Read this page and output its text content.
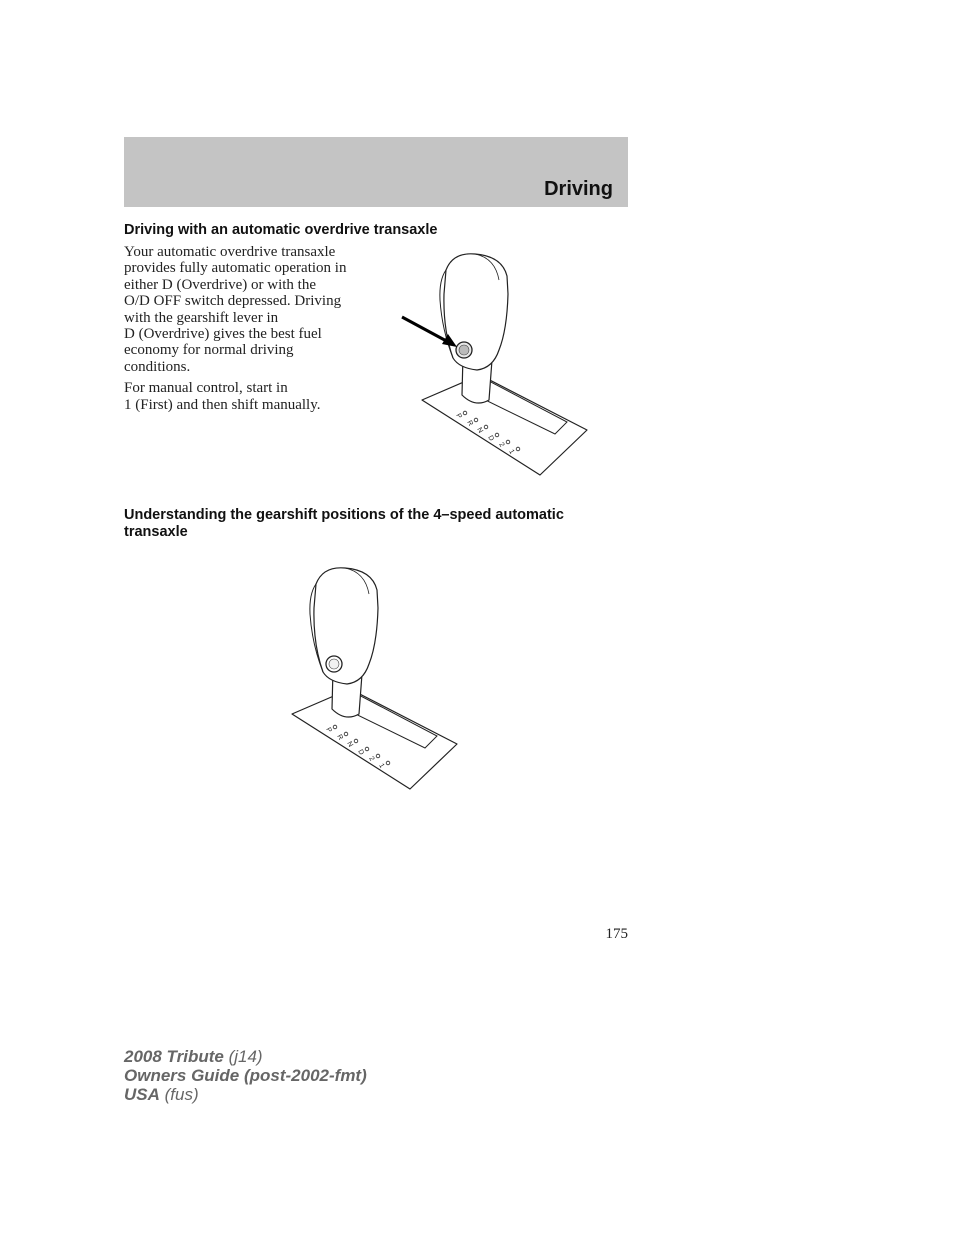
Driving
Driving with an automatic overdrive transaxle

Your automatic overdrive transaxle
provides fully automatic operation in
either D (Overdrive) or with the
O/D OFF switch depressed. Driving
with the gearshift lever in
D (Overdrive) gives the best fuel
economy for normal driving
conditions.

For manual control, start in
1 (First) and then shift manually.

P
R
N
D
2
1
Understanding the gearshift positions of the 4–speed automatic transaxle
P
R
N
D
2
1
175
2008 Tribute (j14)
Owners Guide (post-2002-fmt)
USA (fus)
